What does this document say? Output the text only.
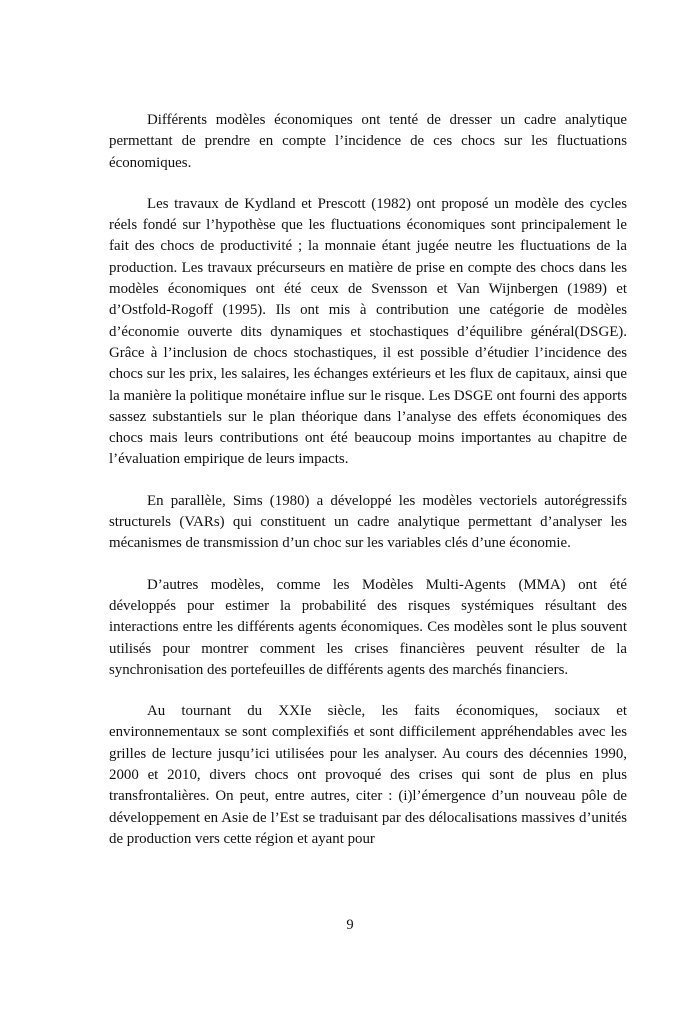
Différents modèles économiques ont tenté de dresser un cadre analytique permettant de prendre en compte l’incidence de ces chocs sur les fluctuations économiques.

Les travaux de Kydland et Prescott (1982) ont proposé un modèle des cycles réels fondé sur l’hypothèse que les fluctuations économiques sont principalement le fait des chocs de productivité ; la monnaie étant jugée neutre les fluctuations de la production. Les travaux précurseurs en matière de prise en compte des chocs dans les modèles économiques ont été ceux de Svensson et Van Wijnbergen (1989) et d’Ostfold-Rogoff (1995). Ils ont mis à contribution une catégorie de modèles d’économie ouverte dits dynamiques et stochastiques d’équilibre général(DSGE). Grâce à l’inclusion de chocs stochastiques, il est possible d’étudier l’incidence des chocs sur les prix, les salaires, les échanges extérieurs et les flux de capitaux, ainsi que la manière la politique monétaire influe sur le risque. Les DSGE ont fourni des apports sassez substantiels sur le plan théorique dans l’analyse des effets économiques des chocs mais leurs contributions ont été beaucoup moins importantes au chapitre de l’évaluation empirique de leurs impacts.

En parallèle, Sims (1980) a développé les modèles vectoriels autorégressifs structurels (VARs) qui constituent un cadre analytique permettant d’analyser les mécanismes de transmission d’un choc sur les variables clés d’une économie.

D’autres modèles, comme les Modèles Multi-Agents (MMA) ont été développés pour estimer la probabilité des risques systémiques résultant des interactions entre les différents agents économiques. Ces modèles sont le plus souvent utilisés pour montrer comment les crises financières peuvent résulter de la synchronisation des portefeuilles de différents agents des marchés financiers.

Au tournant du XXIe siècle, les faits économiques, sociaux et environnementaux se sont complexifiés et sont difficilement appréhendables avec les grilles de lecture jusqu’ici utilisées pour les analyser. Au cours des décennies 1990, 2000 et 2010, divers chocs ont provoqué des crises qui sont de plus en plus transfrontalières. On peut, entre autres, citer : (i)l’émergence d’un nouveau pôle de développement en Asie de l’Est se traduisant par des délocalisations massives d’unités de production vers cette région et ayant pour

9
